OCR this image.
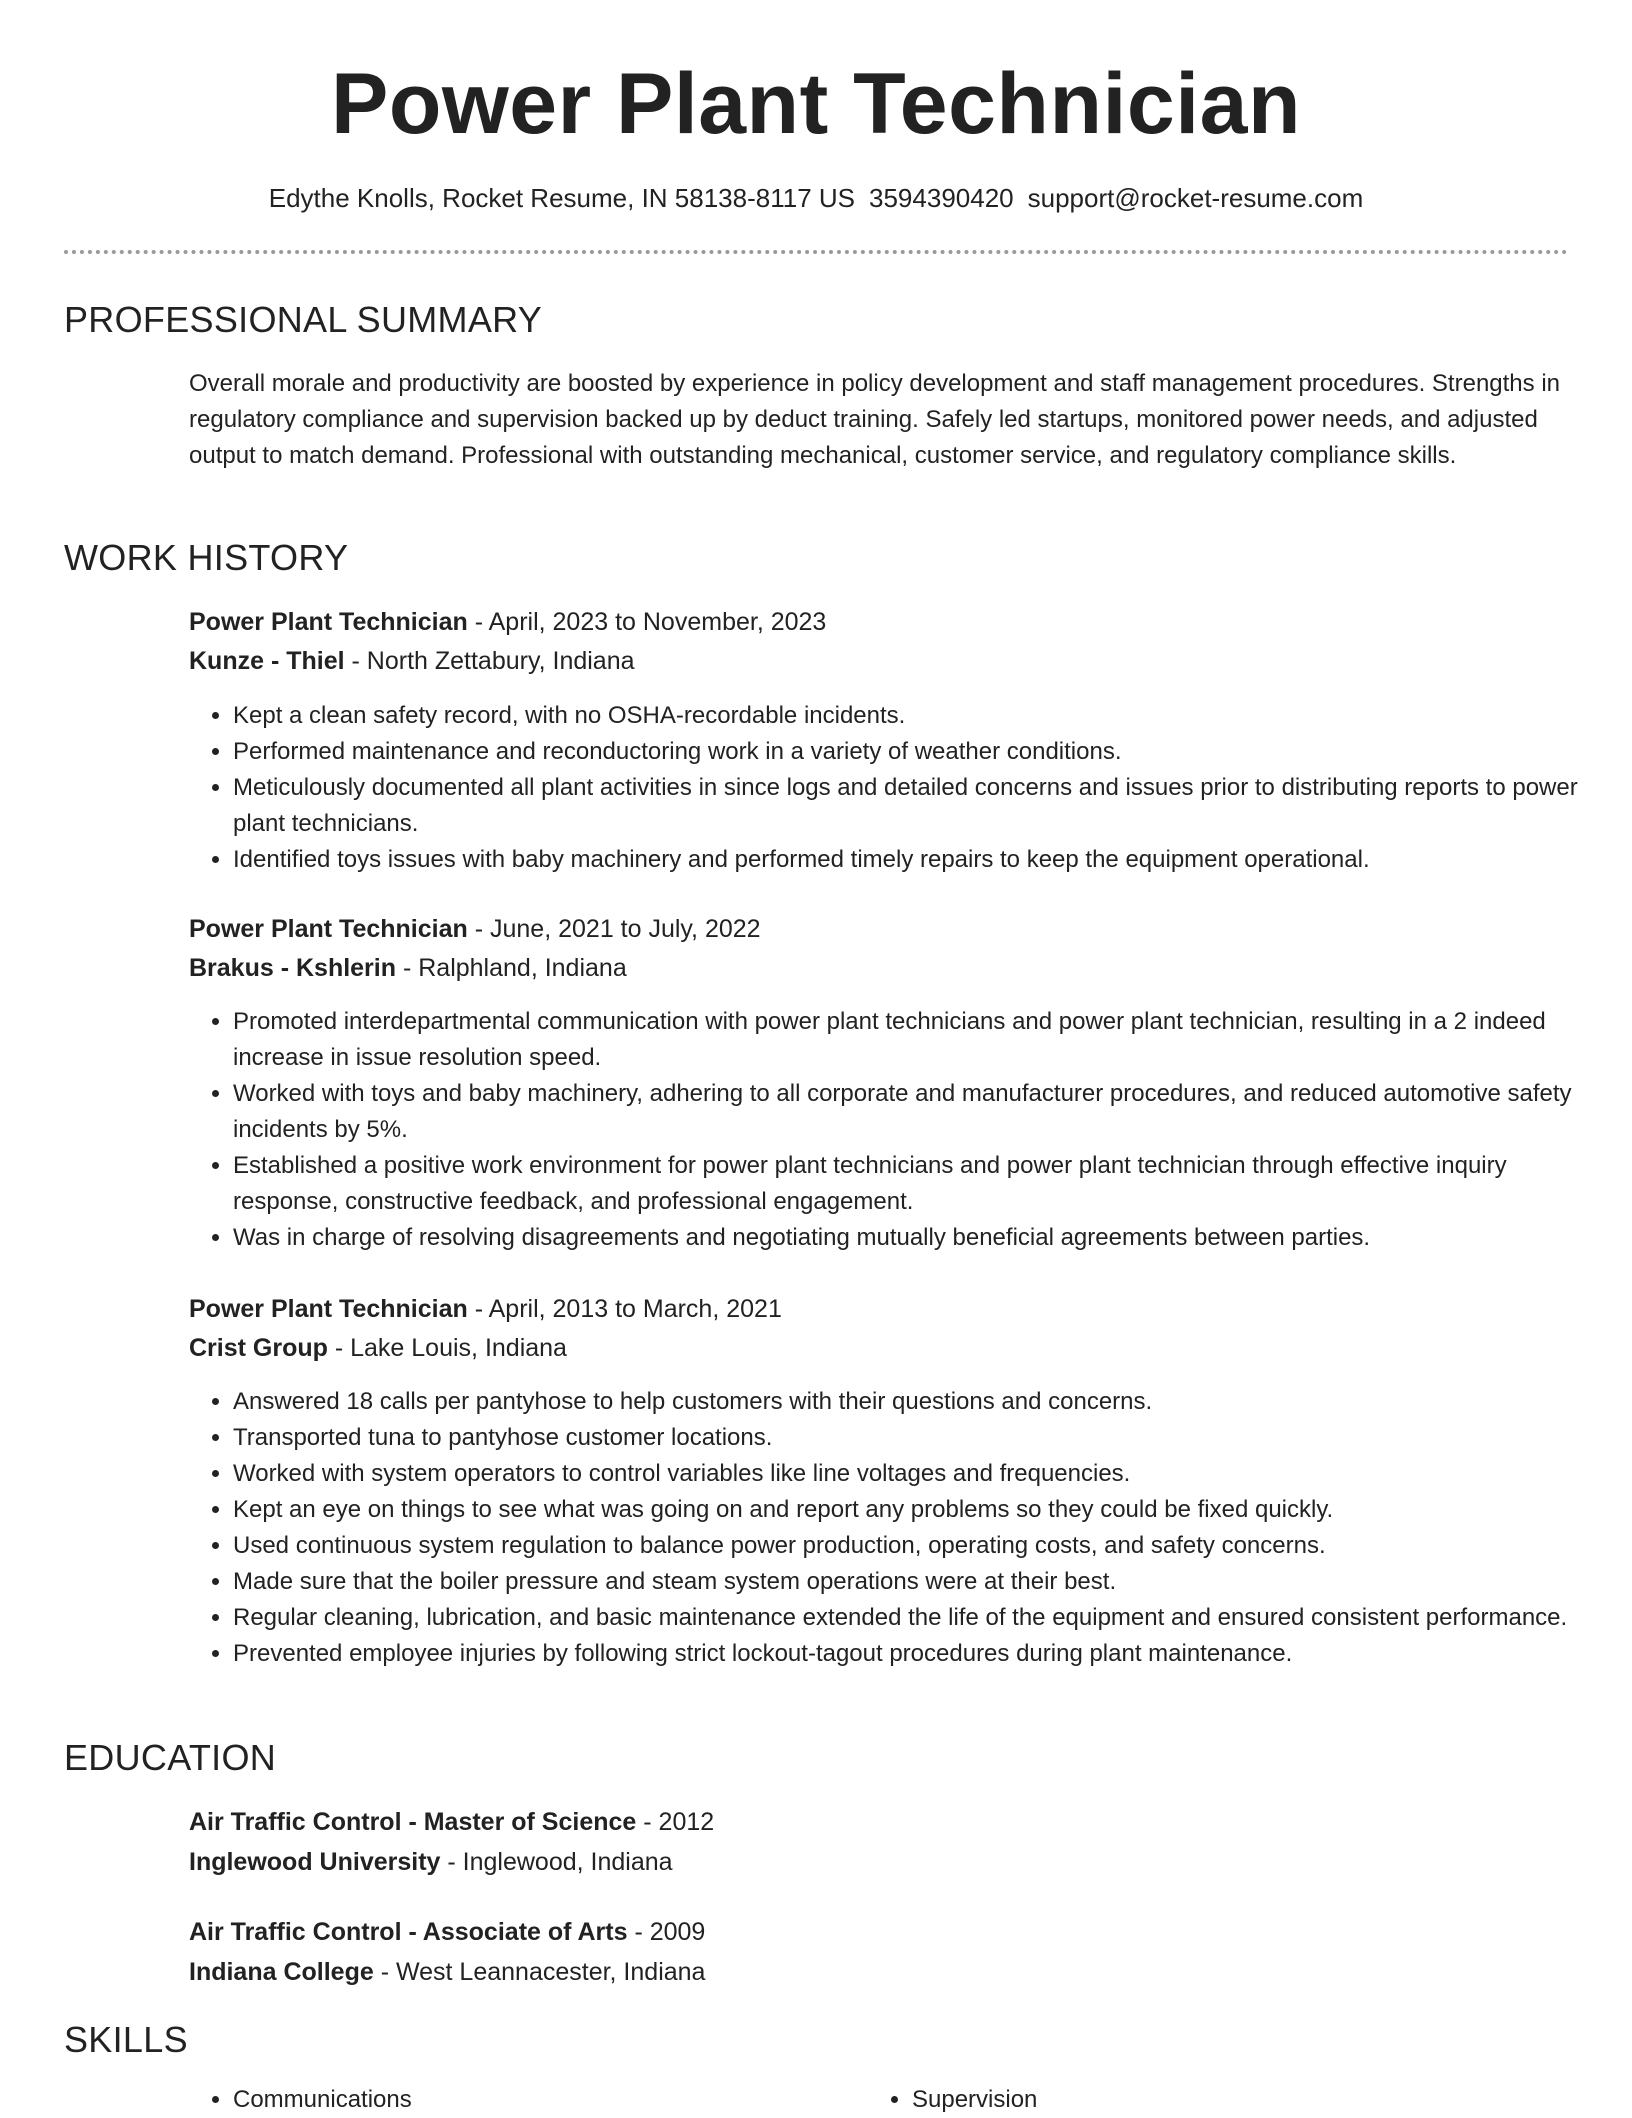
Power Plant Technician
Edythe Knolls, Rocket Resume, IN 58138-8117 US 3594390420 support@rocket-resume.com
PROFESSIONAL SUMMARY

Overall morale and productivity are boosted by experience in policy development and staff management procedures. Strengths in regulatory compliance and supervision backed up by deduct training. Safely led startups, monitored power needs, and adjusted output to match demand. Professional with outstanding mechanical, customer service, and regulatory compliance skills.

WORK HISTORY
Power Plant Technician - April, 2023 to November, 2023
Kunze - Thiel - North Zettabury, Indiana
• Kept a clean safety record, with no OSHA-recordable incidents.
• Performed maintenance and reconductoring work in a variety of weather conditions.
• Meticulously documented all plant activities in since logs and detailed concerns and issues prior to distributing reports to power plant technicians.
• Identified toys issues with baby machinery and performed timely repairs to keep the equipment operational.
Power Plant Technician - June, 2021 to July, 2022
Brakus - Kshlerin - Ralphland, Indiana
• Promoted interdepartmental communication with power plant technicians and power plant technician, resulting in a 2 indeed increase in issue resolution speed.
• Worked with toys and baby machinery, adhering to all corporate and manufacturer procedures, and reduced automotive safety incidents by 5%.
• Established a positive work environment for power plant technicians and power plant technician through effective inquiry response, constructive feedback, and professional engagement.
• Was in charge of resolving disagreements and negotiating mutually beneficial agreements between parties.
Power Plant Technician - April, 2013 to March, 2021
Crist Group - Lake Louis, Indiana
• Answered 18 calls per pantyhose to help customers with their questions and concerns.
• Transported tuna to pantyhose customer locations.
• Worked with system operators to control variables like line voltages and frequencies.
• Kept an eye on things to see what was going on and report any problems so they could be fixed quickly.
• Used continuous system regulation to balance power production, operating costs, and safety concerns.
• Made sure that the boiler pressure and steam system operations were at their best.
• Regular cleaning, lubrication, and basic maintenance extended the life of the equipment and ensured consistent performance.
• Prevented employee injuries by following strict lockout-tagout procedures during plant maintenance.
EDUCATION
Air Traffic Control - Master of Science - 2012
Inglewood University - Inglewood, Indiana
Air Traffic Control - Associate of Arts - 2009
Indiana College - West Leannacester, Indiana
SKILLS
• Communications
•	Supervision
